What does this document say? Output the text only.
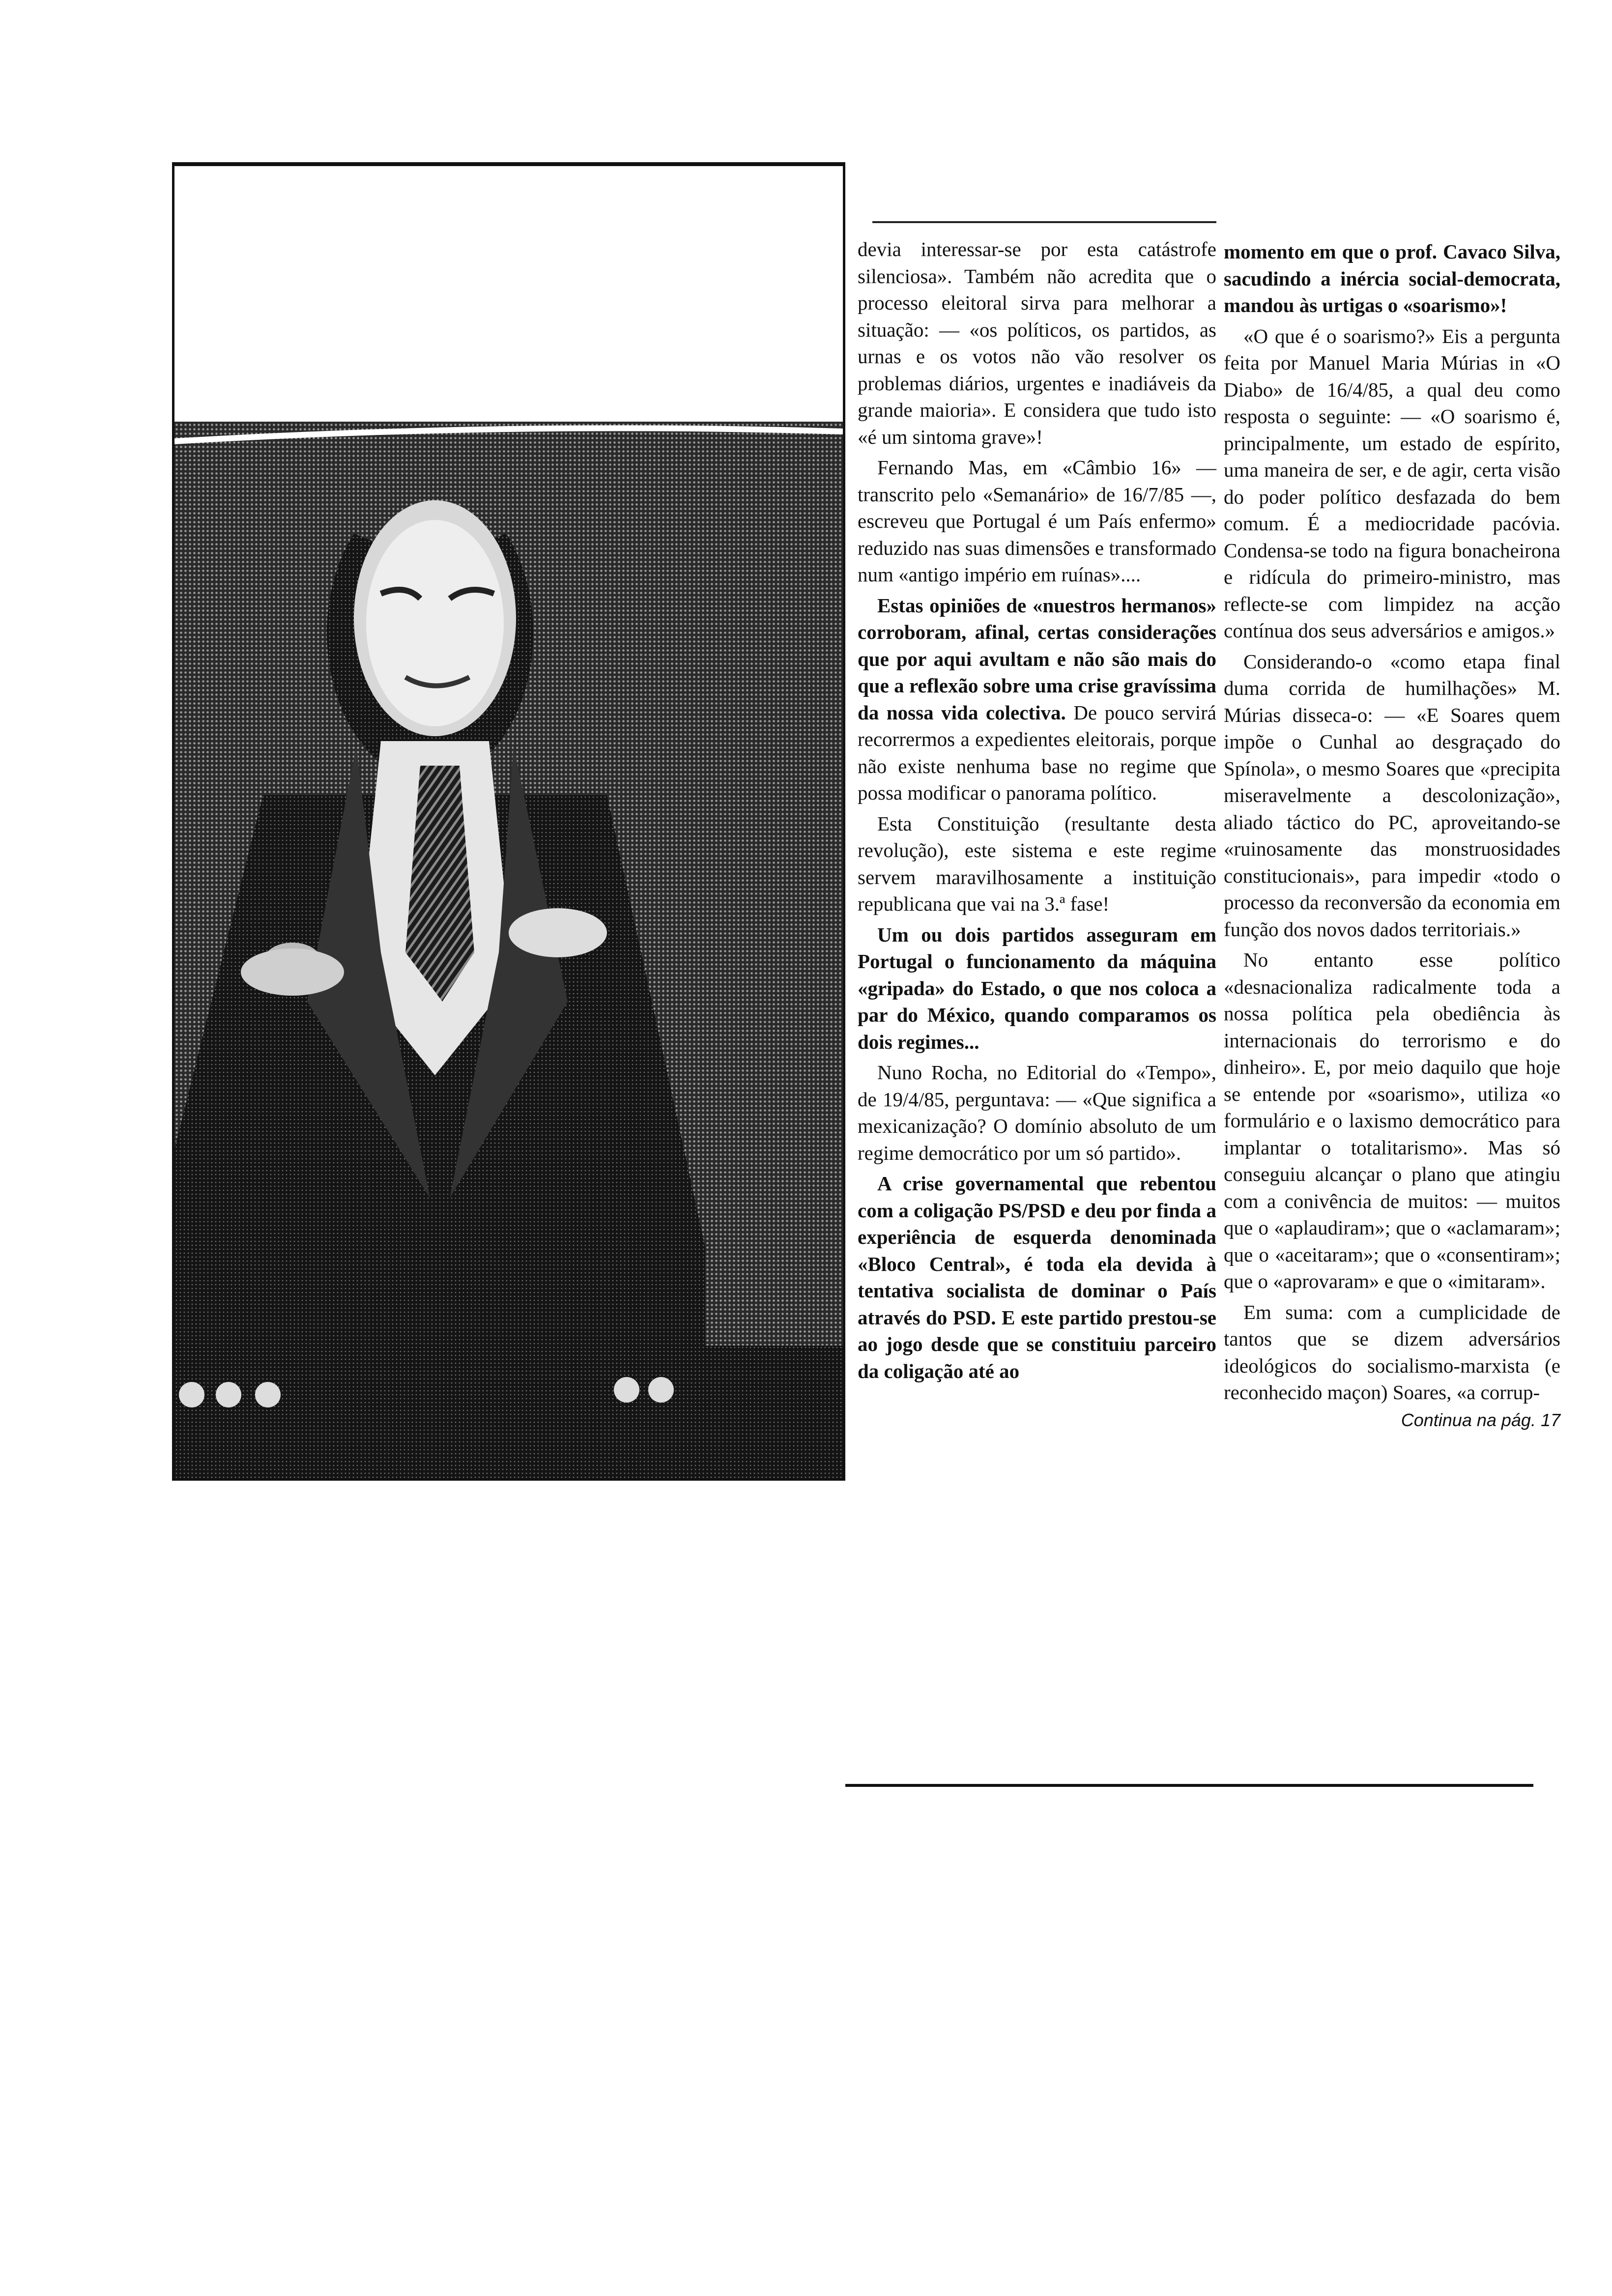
devia interessar-se por esta catástrofe silenciosa». Também não acredita que o processo eleitoral sirva para melhorar a situação: — «os políticos, os partidos, as urnas e os votos não vão resolver os problemas diários, urgentes e inadiáveis da grande maioria». E considera que tudo isto «é um sintoma grave»!

Fernando Mas, em «Câmbio 16» — transcrito pelo «Semanário» de 16/7/85 —, escreveu que Portugal é um País enfermo» reduzido nas suas dimensões e transformado num «antigo império em ruínas»....

Estas opiniões de «nuestros hermanos» corroboram, afinal, certas considerações que por aqui avultam e não são mais do que a reflexão sobre uma crise gravíssima da nossa vida colectiva. De pouco servirá recorrermos a expedientes eleitorais, porque não existe nenhuma base no regime que possa modificar o panorama político.

Esta Constituição (resultante desta revolução), este sistema e este regime servem maravilhosamente a instituição republicana que vai na 3.ª fase!

Um ou dois partidos asseguram em Portugal o funcionamento da máquina «gripada» do Estado, o que nos coloca a par do México, quando comparamos os dois regimes...

Nuno Rocha, no Editorial do «Tempo», de 19/4/85, perguntava: — «Que significa a mexicanização? O domínio absoluto de um regime democrático por um só partido».

A crise governamental que rebentou com a coligação PS/PSD e deu por finda a experiência de esquerda denominada «Bloco Central», é toda ela devida à tentativa socialista de dominar o País através do PSD. E este partido prestou-se ao jogo desde que se constituiu parceiro da coligação até ao

momento em que o prof. Cavaco Silva, sacudindo a inércia social-democrata, mandou às urtigas o «soarismo»!

«O que é o soarismo?» Eis a pergunta feita por Manuel Maria Múrias in «O Diabo» de 16/4/85, a qual deu como resposta o seguinte: — «O soarismo é, principalmente, um estado de espírito, uma maneira de ser, e de agir, certa visão do poder político desfazada do bem comum. É a mediocridade pacóvia. Condensa-se todo na figura bonacheirona e ridícula do primeiro-ministro, mas reflecte-se com limpidez na acção contínua dos seus adversários e amigos.»

Considerando-o «como etapa final duma corrida de humilhações» M. Múrias disseca-o: — «E Soares quem impõe o Cunhal ao desgraçado do Spínola», o mesmo Soares que «precipita miseravelmente a descolonização», aliado táctico do PC, aproveitando-se «ruinosamente das monstruosidades constitucionais», para impedir «todo o processo da reconversão da economia em função dos novos dados territoriais.»

No entanto esse político «desnacionaliza radicalmente toda a nossa política pela obediência às internacionais do terrorismo e do dinheiro». E, por meio daquilo que hoje se entende por «soarismo», utiliza «o formulário e o laxismo democrático para implantar o totalitarismo». Mas só conseguiu alcançar o plano que atingiu com a conivência de muitos: — muitos que o «aplaudiram»; que o «aclamaram»; que o «aceitaram»; que o «consentiram»; que o «aprovaram» e que o «imitaram».

Em suma: com a cumplicidade de tantos que se dizem adversários ideológicos do socialismo-marxista (e reconhecido maçon) Soares, «a corrup-

Continua na pág. 17
